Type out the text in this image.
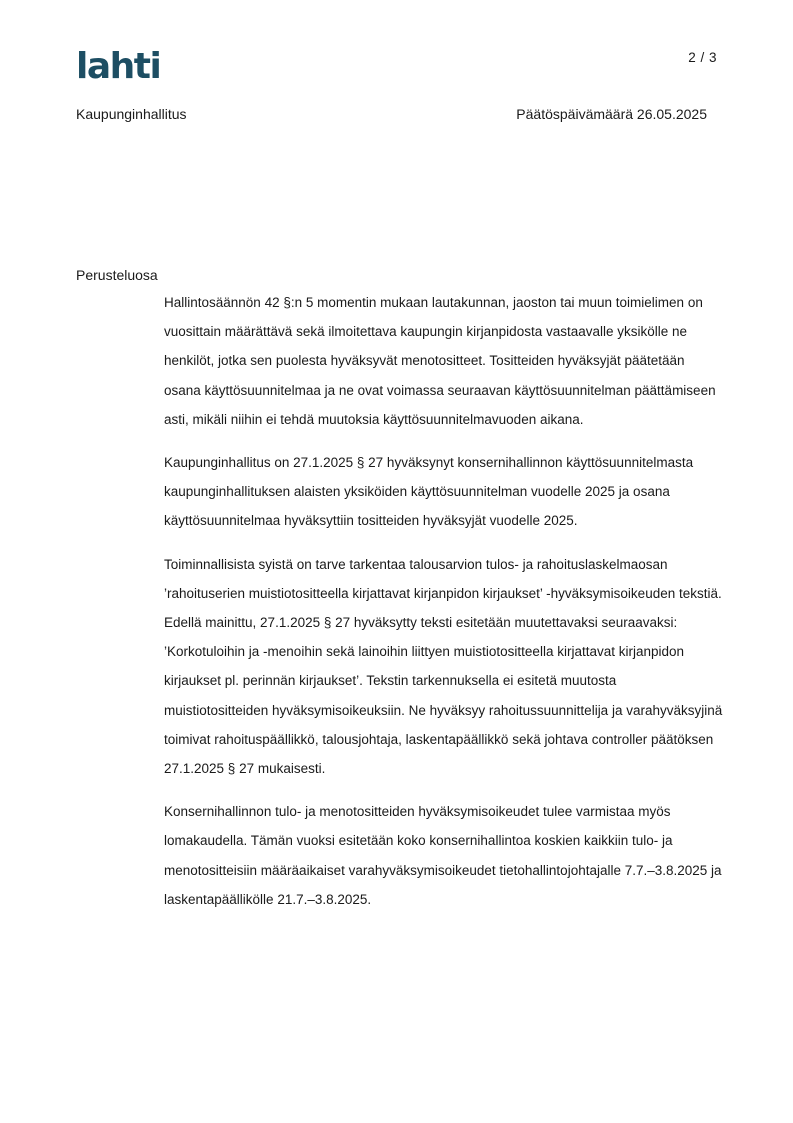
lahti	2 / 3
Kaupunginhallitus	Päätöspäivämäärä 26.05.2025
Perusteluosa

Hallintosäännön 42 §:n 5 momentin mukaan lautakunnan, jaoston tai muun toimielimen on vuosittain määrättävä sekä ilmoitettava kaupungin kirjanpidosta vastaavalle yksikölle ne henkilöt, jotka sen puolesta hyväksyvät menotositteet. Tositteiden hyväksyjät päätetään osana käyttösuunnitelmaa ja ne ovat voimassa seuraavan käyttösuunnitelman päättämiseen asti, mikäli niihin ei tehdä muutoksia käyttösuunnitelmavuoden aikana.

Kaupunginhallitus on 27.1.2025 § 27 hyväksynyt konsernihallinnon käyttösuunnitelmasta kaupunginhallituksen alaisten yksiköiden käyttösuunnitelman vuodelle 2025 ja osana käyttösuunnitelmaa hyväksyttiin tositteiden hyväksyjät vuodelle 2025.

Toiminnallisista syistä on tarve tarkentaa talousarvion tulos- ja rahoituslaskelmaosan ’rahoituserien muistiotositteella kirjattavat kirjanpidon kirjaukset’ -hyväksymisoikeuden tekstiä. Edellä mainittu, 27.1.2025 § 27 hyväksytty teksti esitetään muutettavaksi seuraavaksi: ’Korkotuloihin ja -menoihin sekä lainoihin liittyen muistiotositteella kirjattavat kirjanpidon kirjaukset pl. perinnän kirjaukset’. Tekstin tarkennuksella ei esitetä muutosta muistiotositteiden hyväksymisoikeuksiin. Ne hyväksyy rahoitussuunnittelija ja varahyväksyjinä toimivat rahoituspäällikkö, talousjohtaja, laskentapäällikkö sekä johtava controller päätöksen 27.1.2025 § 27 mukaisesti.

Konsernihallinnon tulo- ja menotositteiden hyväksymisoikeudet tulee varmistaa myös lomakaudella. Tämän vuoksi esitetään koko konsernihallintoa koskien kaikkiin tulo- ja menotositteisiin määräaikaiset varahyväksymisoikeudet tietohallintojohtajalle 7.7.–3.8.2025 ja laskentapäällikölle 21.7.–3.8.2025.
